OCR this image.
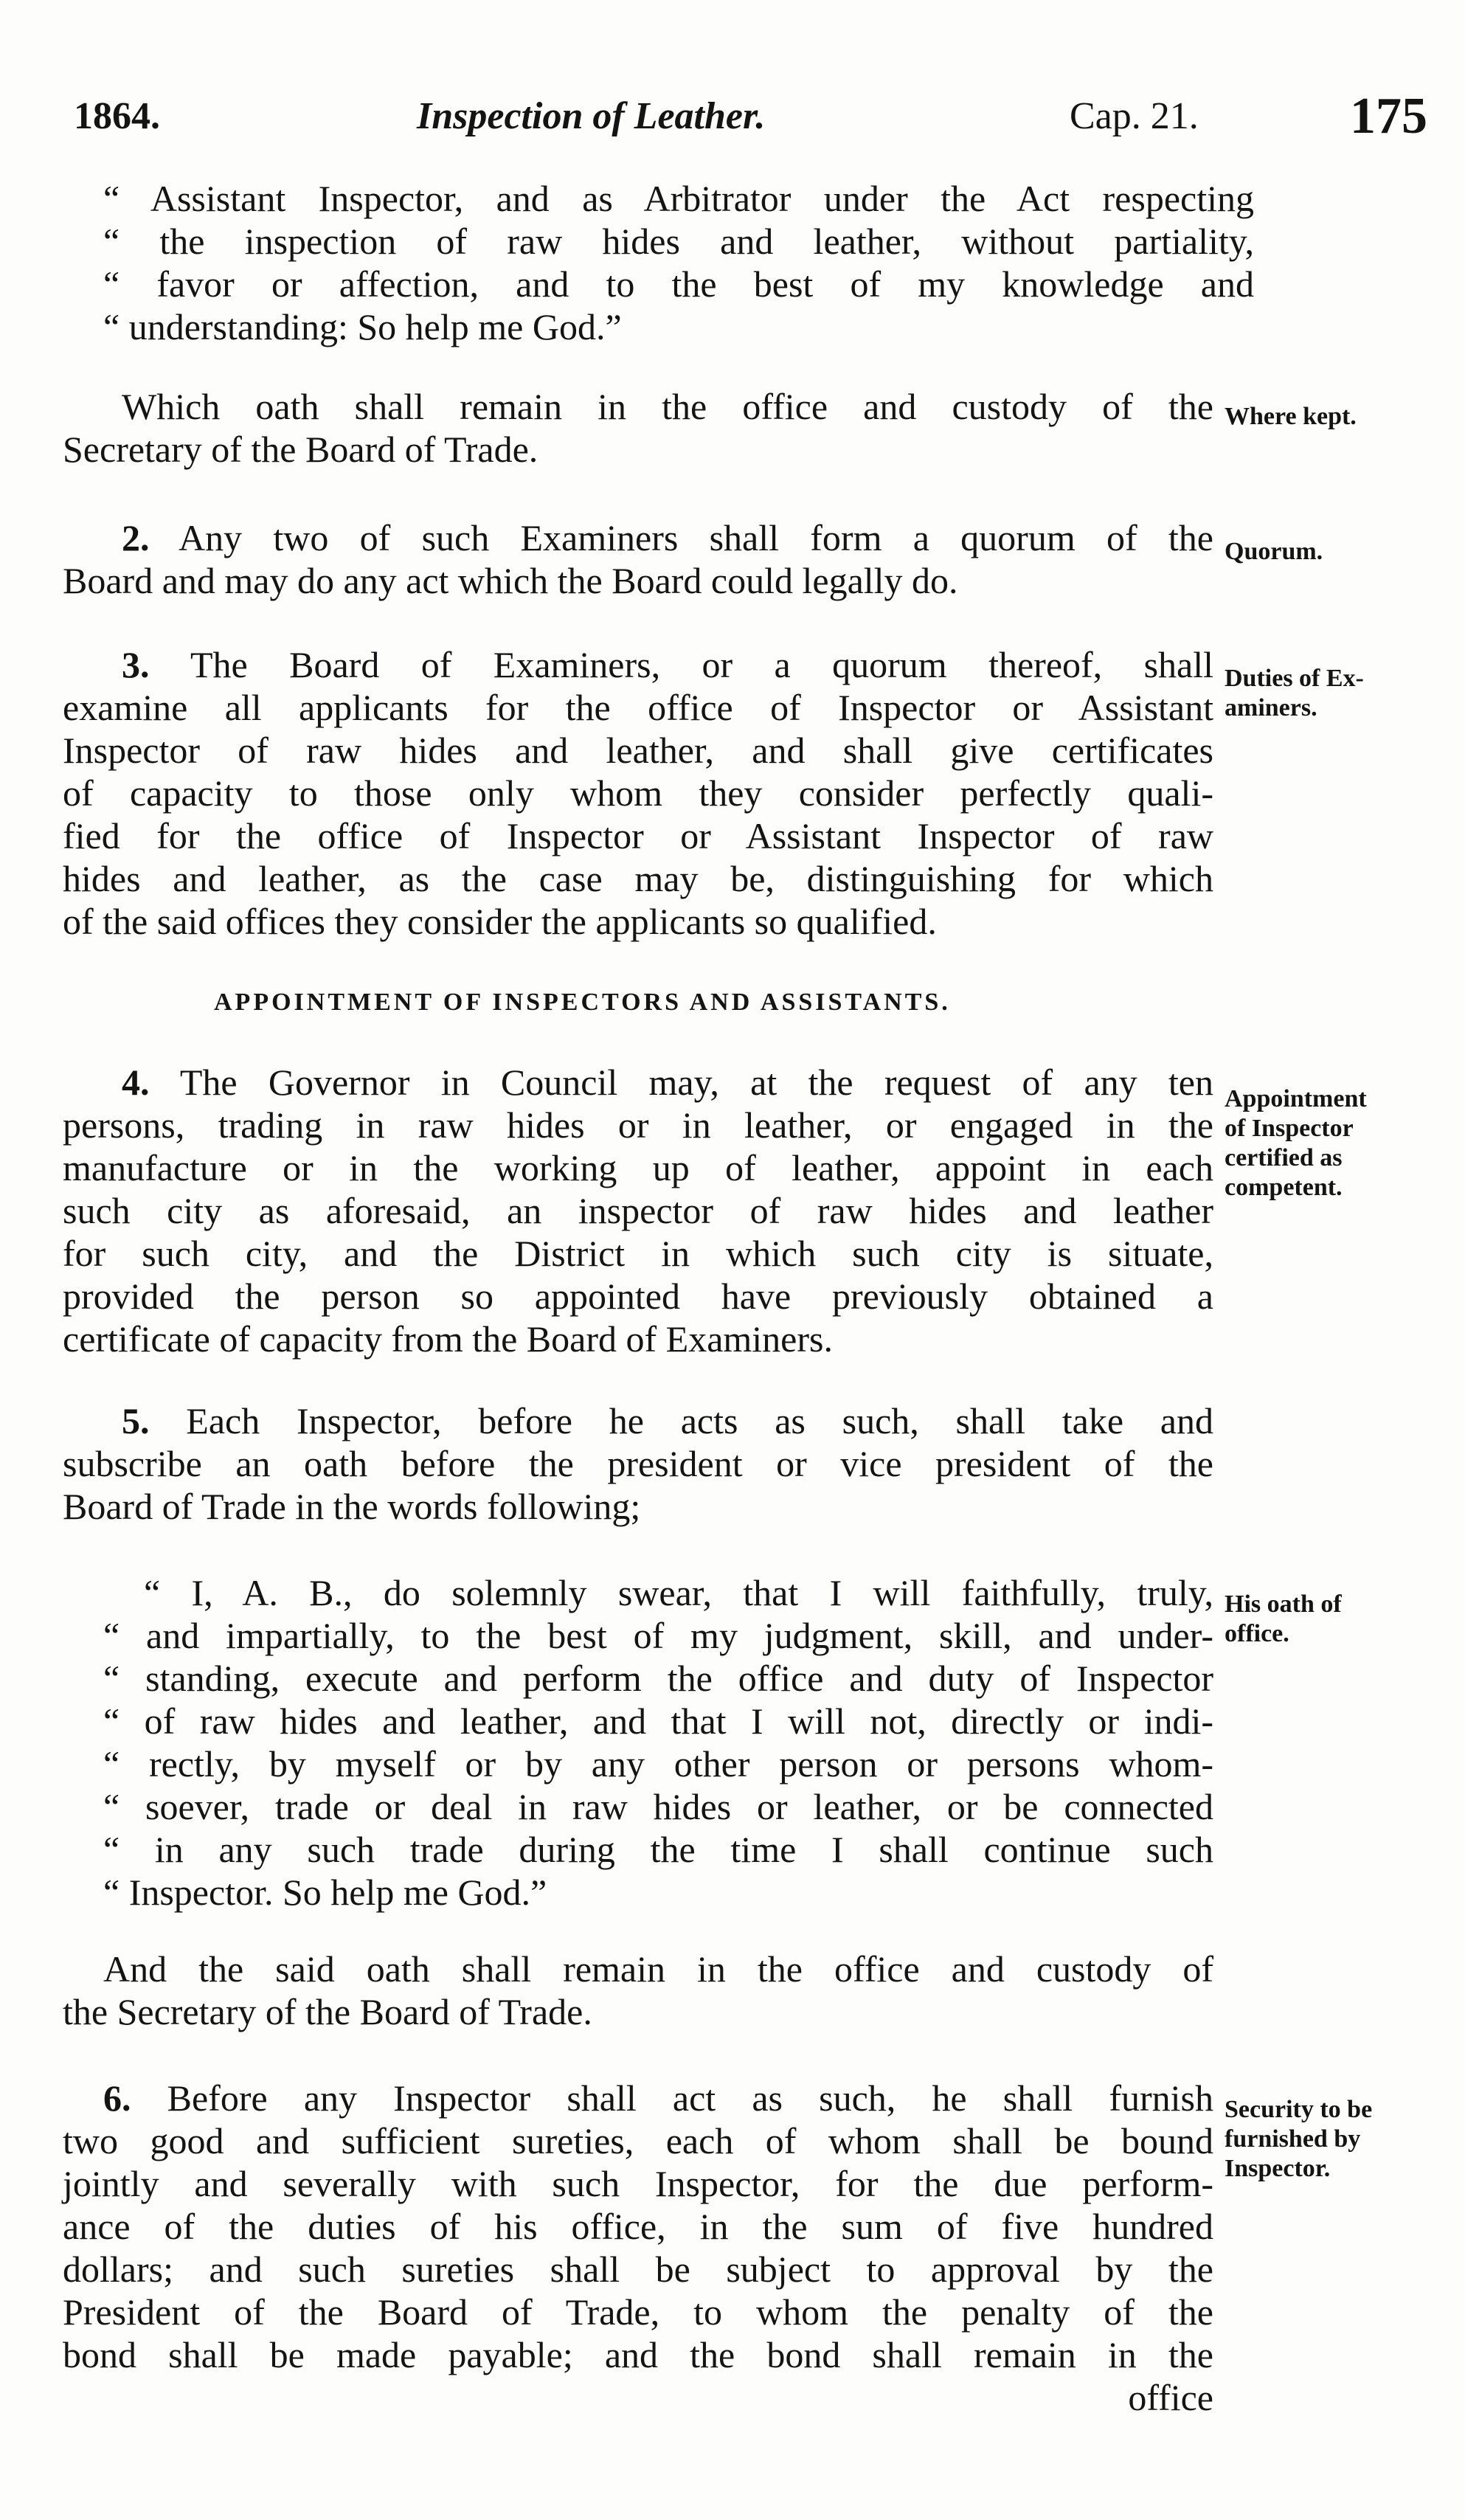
1864.	Inspection of Leather.	Cap. 21.	175
“ Assistant Inspector, and as Arbitrator under the Act respecting
“ the inspection of raw hides and leather, without partiality,
“ favor or affection, and to the best of my knowledge and
“ understanding: So help me God.”
Which oath shall remain in the office and custody of the
Secretary of the Board of Trade.
2. Any two of such Examiners shall form a quorum of the
Board and may do any act which the Board could legally do.
3. The Board of Examiners, or a quorum thereof, shall
examine all applicants for the office of Inspector or Assistant
Inspector of raw hides and leather, and shall give certificates
of capacity to those only whom they consider perfectly quali-
fied for the office of Inspector or Assistant Inspector of raw
hides and leather, as the case may be, distinguishing for which
of the said offices they consider the applicants so qualified.
APPOINTMENT OF INSPECTORS AND ASSISTANTS.
4. The Governor in Council may, at the request of any ten
persons, trading in raw hides or in leather, or engaged in the
manufacture or in the working up of leather, appoint in each
such city as aforesaid, an inspector of raw hides and leather
for such city, and the District in which such city is situate,
provided the person so appointed have previously obtained a
certificate of capacity from the Board of Examiners.
5. Each Inspector, before he acts as such, shall take and
subscribe an oath before the president or vice president of the
Board of Trade in the words following;
“ I, A. B., do solemnly swear, that I will faithfully, truly,
“ and impartially, to the best of my judgment, skill, and under-
“ standing, execute and perform the office and duty of Inspector
“ of raw hides and leather, and that I will not, directly or indi-
“ rectly, by myself or by any other person or persons whom-
“ soever, trade or deal in raw hides or leather, or be connected
“ in any such trade during the time I shall continue such
“ Inspector. So help me God.”
And the said oath shall remain in the office and custody of
the Secretary of the Board of Trade.
6. Before any Inspector shall act as such, he shall furnish
two good and sufficient sureties, each of whom shall be bound
jointly and severally with such Inspector, for the due perform-
ance of the duties of his office, in the sum of five hundred
dollars; and such sureties shall be subject to approval by the
President of the Board of Trade, to whom the penalty of the
bond shall be made payable; and the bond shall remain in the
office
Where kept.
Quorum.
Duties of Ex-
aminers.
Appointment
of Inspector
certified as
competent.
His oath of
office.
Security to be
furnished by
Inspector.
